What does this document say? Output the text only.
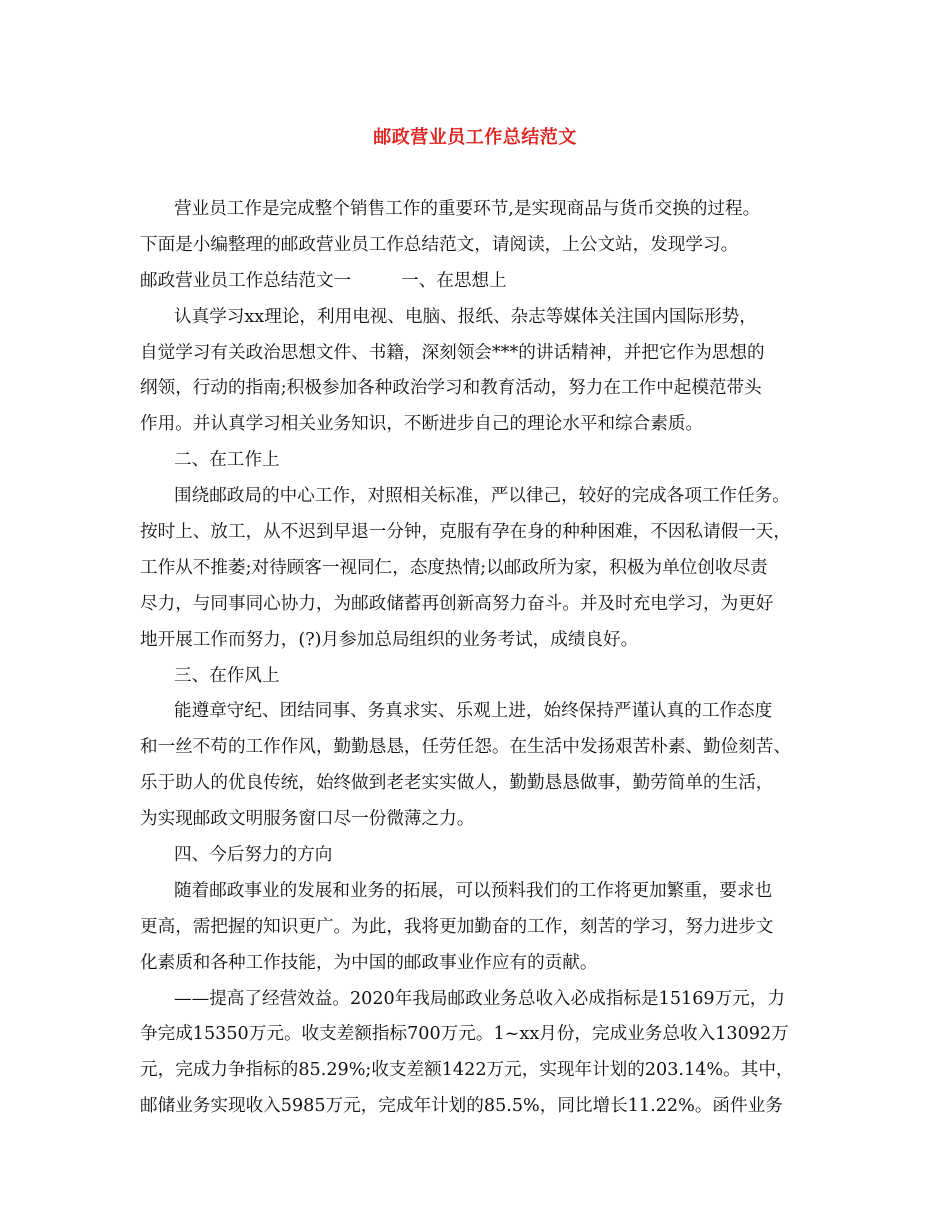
邮政营业员工作总结范文
营业员工作是完成整个销售工作的重要环节,是实现商品与货币交换的过程。
下面是小编整理的邮政营业员工作总结范文，请阅读，上公文站，发现学习。
邮政营业员工作总结范文一	一、在思想上
认真学习xx理论，利用电视、电脑、报纸、杂志等媒体关注国内国际形势，
自觉学习有关政治思想文件、书籍，深刻领会***的讲话精神，并把它作为思想的
纲领，行动的指南;积极参加各种政治学习和教育活动，努力在工作中起模范带头
作用。并认真学习相关业务知识，不断进步自己的理论水平和综合素质。
二、在工作上
围绕邮政局的中心工作，对照相关标准，严以律己，较好的完成各项工作任务。
按时上、放工，从不迟到早退一分钟，克服有孕在身的种种困难，不因私请假一天，
工作从不推萎;对待顾客一视同仁，态度热情;以邮政所为家，积极为单位创收尽责
尽力，与同事同心协力，为邮政储蓄再创新高努力奋斗。并及时充电学习，为更好
地开展工作而努力，(?)月参加总局组织的业务考试，成绩良好。
三、在作风上
能遵章守纪、团结同事、务真求实、乐观上进，始终保持严谨认真的工作态度
和一丝不苟的工作作风，勤勤恳恳，任劳任怨。在生活中发扬艰苦朴素、勤俭刻苦、
乐于助人的优良传统，始终做到老老实实做人，勤勤恳恳做事，勤劳简单的生活，
为实现邮政文明服务窗口尽一份微薄之力。
四、今后努力的方向
随着邮政事业的发展和业务的拓展，可以预料我们的工作将更加繁重，要求也
更高，需把握的知识更广。为此，我将更加勤奋的工作，刻苦的学习，努力进步文
化素质和各种工作技能，为中国的邮政事业作应有的贡献。
——提高了经营效益。2020年我局邮政业务总收入必成指标是15169万元，力
争完成15350万元。收支差额指标700万元。1~xx月份，完成业务总收入13092万
元，完成力争指标的85.29%;收支差额1422万元，实现年计划的203.14%。其中，
邮储业务实现收入5985万元，完成年计划的85.5%，同比增长11.22%。函件业务
